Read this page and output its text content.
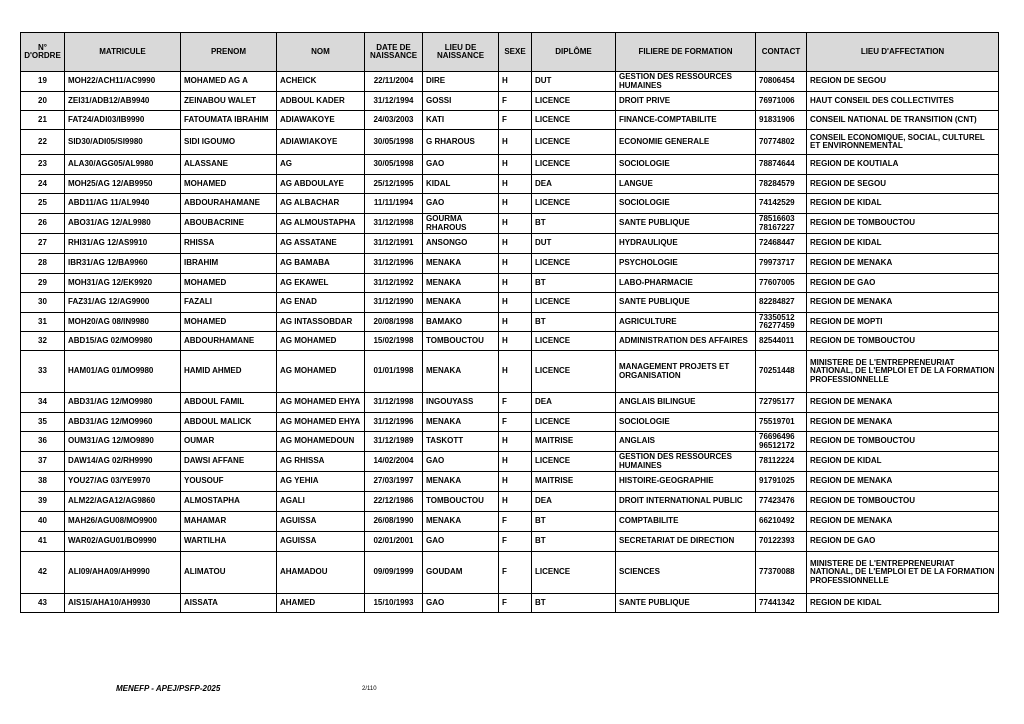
N° D'ORDRE	MATRICULE	PRENOM	NOM	DATE DE NAISSANCE	LIEU DE NAISSANCE	SEXE	DIPLÔME	FILIERE DE FORMATION	CONTACT	LIEU D'AFFECTATION
19	MOH22/ACH11/AC9990	MOHAMED AG A	ACHEICK	22/11/2004	DIRE	H	DUT	GESTION DES RESSOURCES HUMAINES	70806454	REGION DE SEGOU
20	ZEI31/ADB12/AB9940	ZEINABOU WALET	ADBOUL KADER	31/12/1994	GOSSI	F	LICENCE	DROIT PRIVE	76971006	HAUT CONSEIL DES COLLECTIVITES
21	FAT24/ADI03/IB9990	FATOUMATA IBRAHIM	ADIAWAKOYE	24/03/2003	KATI	F	LICENCE	FINANCE-COMPTABILITE	91831906	CONSEIL NATIONAL DE TRANSITION (CNT)
22	SID30/ADI05/SI9980	SIDI IGOUMO	ADIAWIAKOYE	30/05/1998	G RHAROUS	H	LICENCE	ECONOMIE GENERALE	70774802	CONSEIL ECONOMIQUE, SOCIAL, CULTUREL ET ENVIRONNEMENTAL
23	ALA30/AGG05/AL9980	ALASSANE	AG	30/05/1998	GAO	H	LICENCE	SOCIOLOGIE	78874644	REGION DE KOUTIALA
24	MOH25/AG 12/AB9950	MOHAMED	AG ABDOULAYE	25/12/1995	KIDAL	H	DEA	LANGUE	78284579	REGION DE SEGOU
25	ABD11/AG 11/AL9940	ABDOURAHAMANE	AG ALBACHAR	11/11/1994	GAO	H	LICENCE	SOCIOLOGIE	74142529	REGION DE KIDAL
26	ABO31/AG 12/AL9980	ABOUBACRINE	AG ALMOUSTAPHA	31/12/1998	GOURMA RHAROUS	H	BT	SANTE PUBLIQUE	78516603 78167227	REGION DE TOMBOUCTOU
27	RHI31/AG 12/AS9910	RHISSA	AG ASSATANE	31/12/1991	ANSONGO	H	DUT	HYDRAULIQUE	72468447	REGION DE KIDAL
28	IBR31/AG 12/BA9960	IBRAHIM	AG BAMABA	31/12/1996	MENAKA	H	LICENCE	PSYCHOLOGIE	79973717	REGION DE MENAKA
29	MOH31/AG 12/EK9920	MOHAMED	AG EKAWEL	31/12/1992	MENAKA	H	BT	LABO-PHARMACIE	77607005	REGION DE GAO
30	FAZ31/AG 12/AG9900	FAZALI	AG ENAD	31/12/1990	MENAKA	H	LICENCE	SANTE PUBLIQUE	82284827	REGION DE MENAKA
31	MOH20/AG 08/IN9980	MOHAMED	AG INTASSOBDAR	20/08/1998	BAMAKO	H	BT	AGRICULTURE	73350512 76277459	REGION DE MOPTI
32	ABD15/AG 02/MO9980	ABDOURHAMANE	AG MOHAMED	15/02/1998	TOMBOUCTOU	H	LICENCE	ADMINISTRATION DES AFFAIRES	82544011	REGION DE TOMBOUCTOU
33	HAM01/AG 01/MO9980	HAMID AHMED	AG MOHAMED	01/01/1998	MENAKA	H	LICENCE	MANAGEMENT PROJETS ET ORGANISATION	70251448	MINISTERE DE L'ENTREPRENEURIAT NATIONAL, DE L'EMPLOI ET DE LA FORMATION PROFESSIONNELLE
34	ABD31/AG 12/MO9980	ABDOUL FAMIL	AG MOHAMED EHYA	31/12/1998	INGOUYASS	F	DEA	ANGLAIS BILINGUE	72795177	REGION DE MENAKA
35	ABD31/AG 12/MO9960	ABDOUL MALICK	AG MOHAMED EHYA	31/12/1996	MENAKA	F	LICENCE	SOCIOLOGIE	75519701	REGION DE MENAKA
36	OUM31/AG 12/MO9890	OUMAR	AG MOHAMEDOUN	31/12/1989	TASKOTT	H	MAITRISE	ANGLAIS	76696496 96512172	REGION DE TOMBOUCTOU
37	DAW14/AG 02/RH9990	DAWSI AFFANE	AG RHISSA	14/02/2004	GAO	H	LICENCE	GESTION DES RESSOURCES HUMAINES	78112224	REGION DE KIDAL
38	YOU27/AG 03/YE9970	YOUSOUF	AG YEHIA	27/03/1997	MENAKA	H	MAITRISE	HISTOIRE-GEOGRAPHIE	91791025	REGION DE MENAKA
39	ALM22/AGA12/AG9860	ALMOSTAPHA	AGALI	22/12/1986	TOMBOUCTOU	H	DEA	DROIT INTERNATIONAL PUBLIC	77423476	REGION DE TOMBOUCTOU
40	MAH26/AGU08/MO9900	MAHAMAR	AGUISSA	26/08/1990	MENAKA	F	BT	COMPTABILITE	66210492	REGION DE MENAKA
41	WAR02/AGU01/BO9990	WARTILHA	AGUISSA	02/01/2001	GAO	F	BT	SECRETARIAT DE DIRECTION	70122393	REGION DE GAO
42	ALI09/AHA09/AH9990	ALIMATOU	AHAMADOU	09/09/1999	GOUDAM	F	LICENCE	SCIENCES	77370088	MINISTERE DE L'ENTREPRENEURIAT NATIONAL, DE L'EMPLOI ET DE LA FORMATION PROFESSIONNELLE
43	AIS15/AHA10/AH9930	AISSATA	AHAMED	15/10/1993	GAO	F	BT	SANTE PUBLIQUE	77441342	REGION DE KIDAL
MENEFP - APEJ/PSFP-2025	2/110
